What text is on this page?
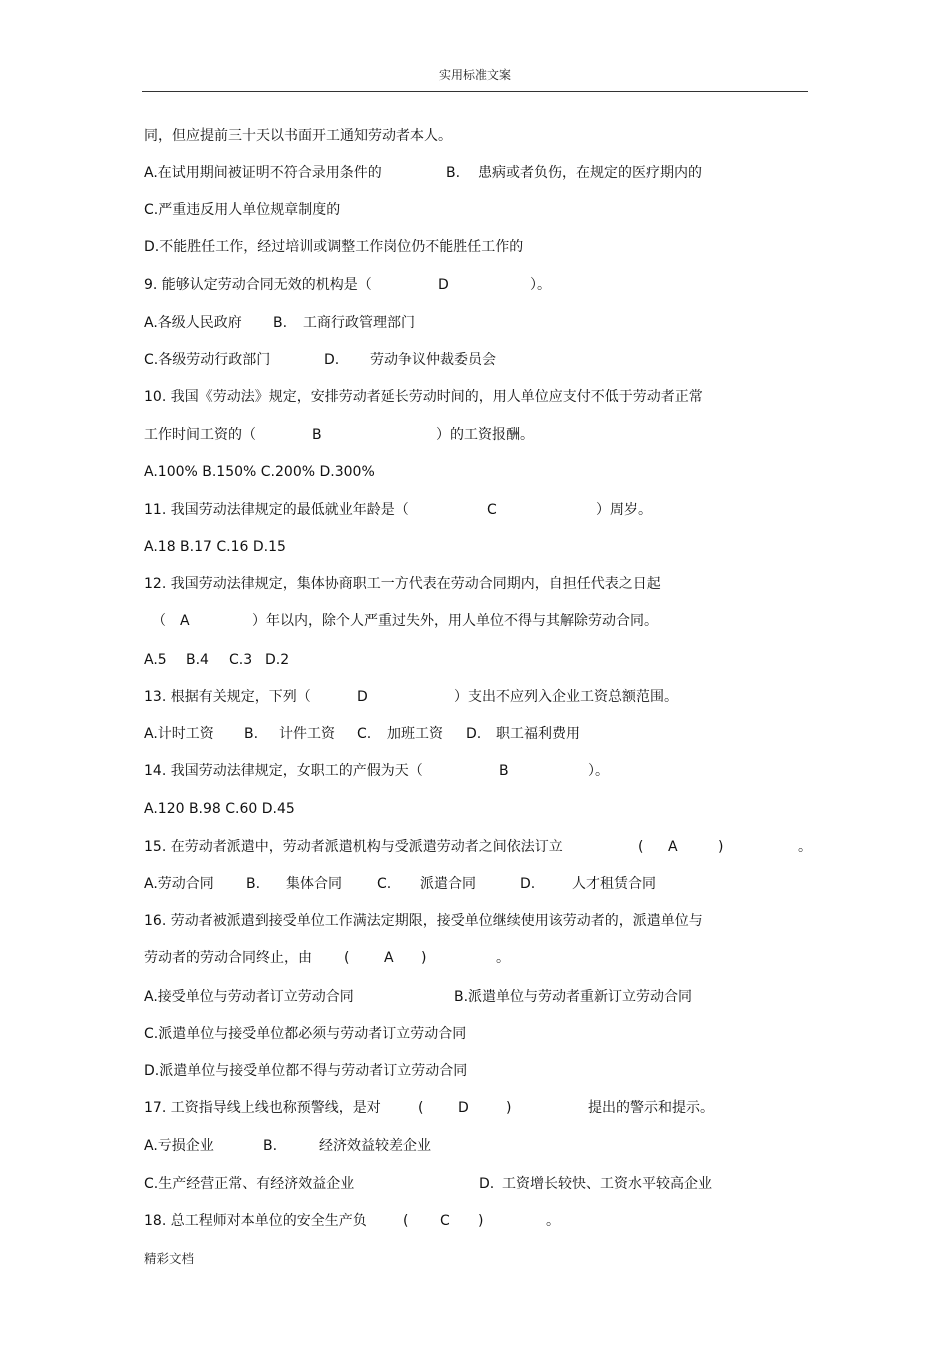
实用标准文案
同，但应提前三十天以书面开工通知劳动者本人。
A.在试用期间被证明不符合录用条件的	B. 患病或者负伤，在规定的医疗期内的
C.严重违反用人单位规章制度的
D.不能胜任工作，经过培训或调整工作岗位仍不能胜任工作的
9. 能够认定劳动合同无效的机构是（	D	）。
A.各级人民政府 B. 工商行政管理部门
C.各级劳动行政部门	D. 劳动争议仲裁委员会
10. 我国《劳动法》规定，安排劳动者延长劳动时间的，用人单位应支付不低于劳动者正常
工作时间工资的（	B	）的工资报酬。
A.100% B.150% C.200% D.300%
11. 我国劳动法律规定的最低就业年龄是（	C	）周岁。
A.18 B.17 C.16 D.15
12. 我国劳动法律规定，集体协商职工一方代表在劳动合同期内，自担任代表之日起
（ A	）年以内，除个人严重过失外，用人单位不得与其解除劳动合同。
A.5 B.4 C.3 D.2
13. 根据有关规定，下列（	D	）支出不应列入企业工资总额范围。
A.计时工资 B. 计件工资 C. 加班工资 D. 职工福利费用
14. 我国劳动法律规定，女职工的产假为天（	B	）。
A.120 B.98 C.60 D.45
15. 在劳动者派遣中，劳动者派遣机构与受派遣劳动者之间依法订立	( A	)	。
A.劳动合同 B. 集体合同	C. 派遣合同	D.	人才租赁合同
16. 劳动者被派遣到接受单位工作满法定期限，接受单位继续使用该劳动者的，派遣单位与
劳动者的劳动合同终止，由 ( A )	。
A.接受单位与劳动者订立劳动合同	B.派遣单位与劳动者重新订立劳动合同
C.派遣单位与接受单位都必须与劳动者订立劳动合同
D.派遣单位与接受单位都不得与劳动者订立劳动合同
17. 工资指导线上线也称预警线，是对	( D	)	提出的警示和提示。
A.亏损企业	B.	经济效益较差企业
C.生产经营正常、有经济效益企业	D. 工资增长较快、工资水平较高企业
18. 总工程师对本单位的安全生产负	( C )	。
精彩文档
